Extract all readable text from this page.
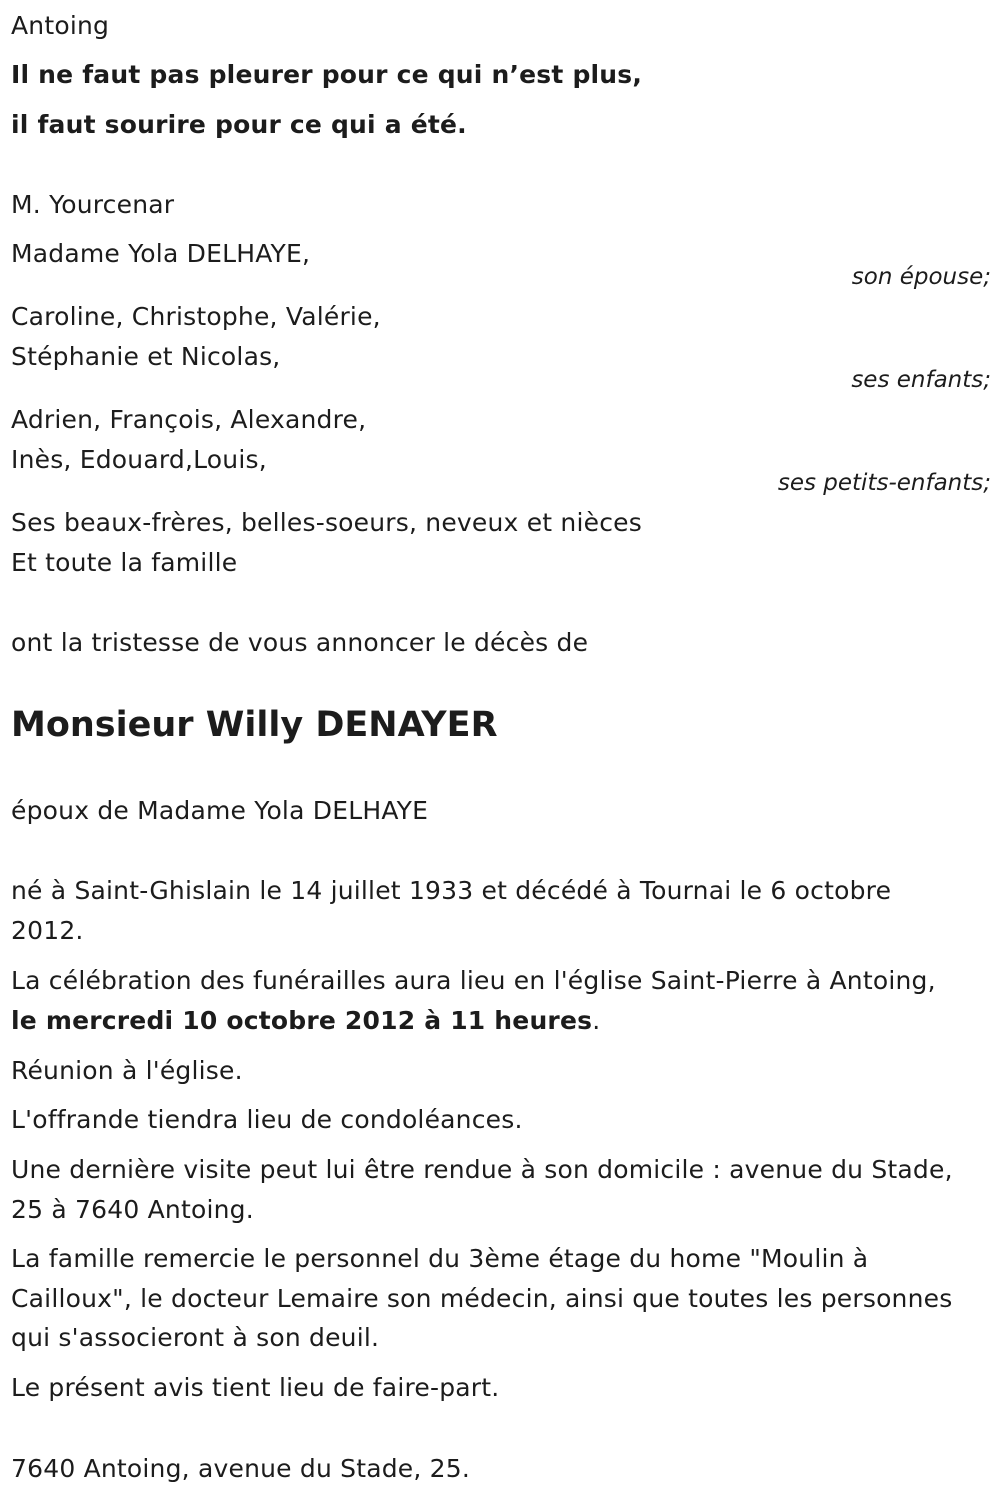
Antoing

Il ne faut pas pleurer pour ce qui n’est plus,

il faut sourire pour ce qui a été.

M. Yourcenar

Madame Yola DELHAYE,

son épouse;

Caroline, Christophe, Valérie,

Stéphanie et Nicolas,

ses enfants;

Adrien, François, Alexandre,

Inès, Edouard,Louis,

ses petits-enfants;

Ses beaux-frères, belles-soeurs, neveux et nièces

Et toute la famille

ont la tristesse de vous annoncer le décès de

Monsieur Willy DENAYER

époux de Madame Yola DELHAYE

né à Saint-Ghislain le 14 juillet 1933 et décédé à Tournai le 6 octobre

2012.

La célébration des funérailles aura lieu en l'église Saint-Pierre à Antoing,

le mercredi 10 octobre 2012 à 11 heures.

Réunion à l'église.

L'offrande tiendra lieu de condoléances.

Une dernière visite peut lui être rendue à son domicile : avenue du Stade,

25 à 7640 Antoing.

La famille remercie le personnel du 3ème étage du home "Moulin à

Cailloux", le docteur Lemaire son médecin, ainsi que toutes les personnes

qui s'associeront à son deuil.

Le présent avis tient lieu de faire-part.

7640 Antoing, avenue du Stade, 25.
